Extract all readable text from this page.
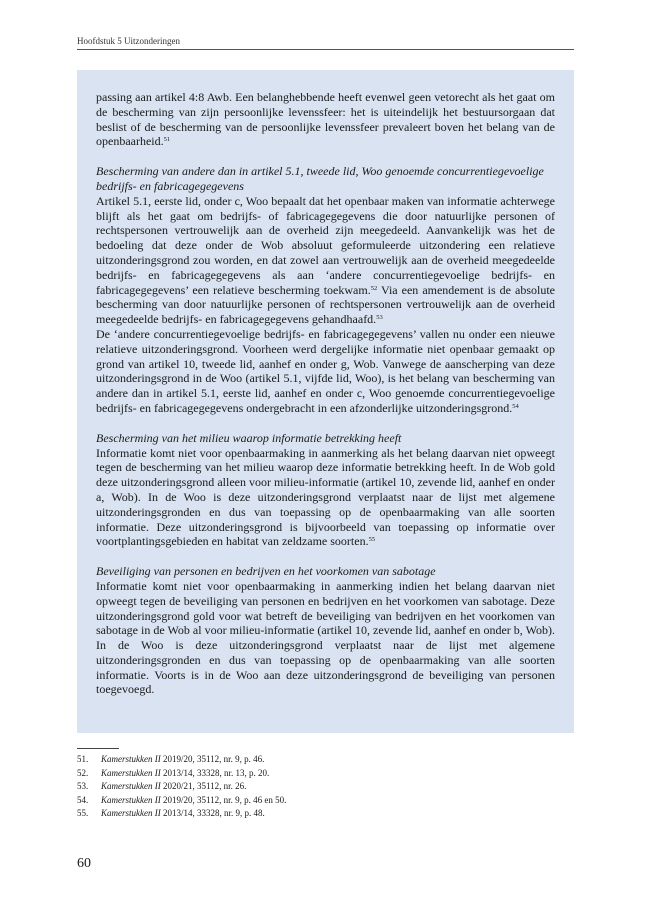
Hoofdstuk 5 Uitzonderingen

passing aan artikel 4:8 Awb. Een belanghebbende heeft evenwel geen vetorecht als het gaat om de bescherming van zijn persoonlijke levenssfeer: het is uiteindelijk het bestuursorgaan dat beslist of de bescherming van de persoonlijke levenssfeer prevaleert boven het belang van de openbaarheid.$^{51}$

Bescherming van andere dan in artikel 5.1, tweede lid, Woo genoemde concurrentiegevoelige bedrijfs- en fabricagegegevens

Artikel 5.1, eerste lid, onder c, Woo bepaalt dat het openbaar maken van informatie achterwege blijft als het gaat om bedrijfs- of fabricagegegevens die door natuurlijke personen of rechtspersonen vertrouwelijk aan de overheid zijn meegedeeld. Aanvankelijk was het de bedoeling dat deze onder de Wob absoluut geformuleerde uitzondering een relatieve uitzonderingsgrond zou worden, en dat zowel aan vertrouwelijk aan de overheid meegedeelde bedrijfs- en fabricagegegevens als aan ‘andere concurrentiegevoelige bedrijfs- en fabricagegegevens’ een relatieve bescherming toekwam.$^{52}$ Via een amendement is de absolute bescherming van door natuurlijke personen of rechtspersonen vertrouwelijk aan de overheid meegedeelde bedrijfs- en fabricagegegevens gehandhaafd.$^{53}$

De ‘andere concurrentiegevoelige bedrijfs- en fabricagegegevens’ vallen nu onder een nieuwe relatieve uitzonderingsgrond. Voorheen werd dergelijke informatie niet openbaar gemaakt op grond van artikel 10, tweede lid, aanhef en onder g, Wob. Vanwege de aanscherping van deze uitzonderingsgrond in de Woo (artikel 5.1, vijfde lid, Woo), is het belang van bescherming van andere dan in artikel 5.1, eerste lid, aanhef en onder c, Woo genoemde concurrentiegevoelige bedrijfs- en fabricagegegevens ondergebracht in een afzonderlijke uitzonderingsgrond.$^{54}$

Bescherming van het milieu waarop informatie betrekking heeft

Informatie komt niet voor openbaarmaking in aanmerking als het belang daarvan niet opweegt tegen de bescherming van het milieu waarop deze informatie betrekking heeft. In de Wob gold deze uitzonderingsgrond alleen voor milieu-informatie (artikel 10, zevende lid, aanhef en onder a, Wob). In de Woo is deze uitzonderingsgrond verplaatst naar de lijst met algemene uitzonderingsgronden en dus van toepassing op de openbaarmaking van alle soorten informatie. Deze uitzonderingsgrond is bijvoorbeeld van toepassing op informatie over voortplantingsgebieden en habitat van zeldzame soorten.$^{55}$

Beveiliging van personen en bedrijven en het voorkomen van sabotage

Informatie komt niet voor openbaarmaking in aanmerking indien het belang daarvan niet opweegt tegen de beveiliging van personen en bedrijven en het voorkomen van sabotage. Deze uitzonderingsgrond gold voor wat betreft de beveiliging van bedrijven en het voorkomen van sabotage in de Wob al voor milieu-informatie (artikel 10, zevende lid, aanhef en onder b, Wob). In de Woo is deze uitzonderingsgrond verplaatst naar de lijst met algemene uitzonderingsgronden en dus van toepassing op de openbaarmaking van alle soorten informatie. Voorts is in de Woo aan deze uitzonderingsgrond de beveiliging van personen toegevoegd.

51.	Kamerstukken II 2019/20, 35112, nr. 9, p. 46.
52.	Kamerstukken II 2013/14, 33328, nr. 13, p. 20.
53.	Kamerstukken II 2020/21, 35112, nr. 26.
54.	Kamerstukken II 2019/20, 35112, nr. 9, p. 46 en 50.
55.	Kamerstukken II 2013/14, 33328, nr. 9, p. 48.
60
